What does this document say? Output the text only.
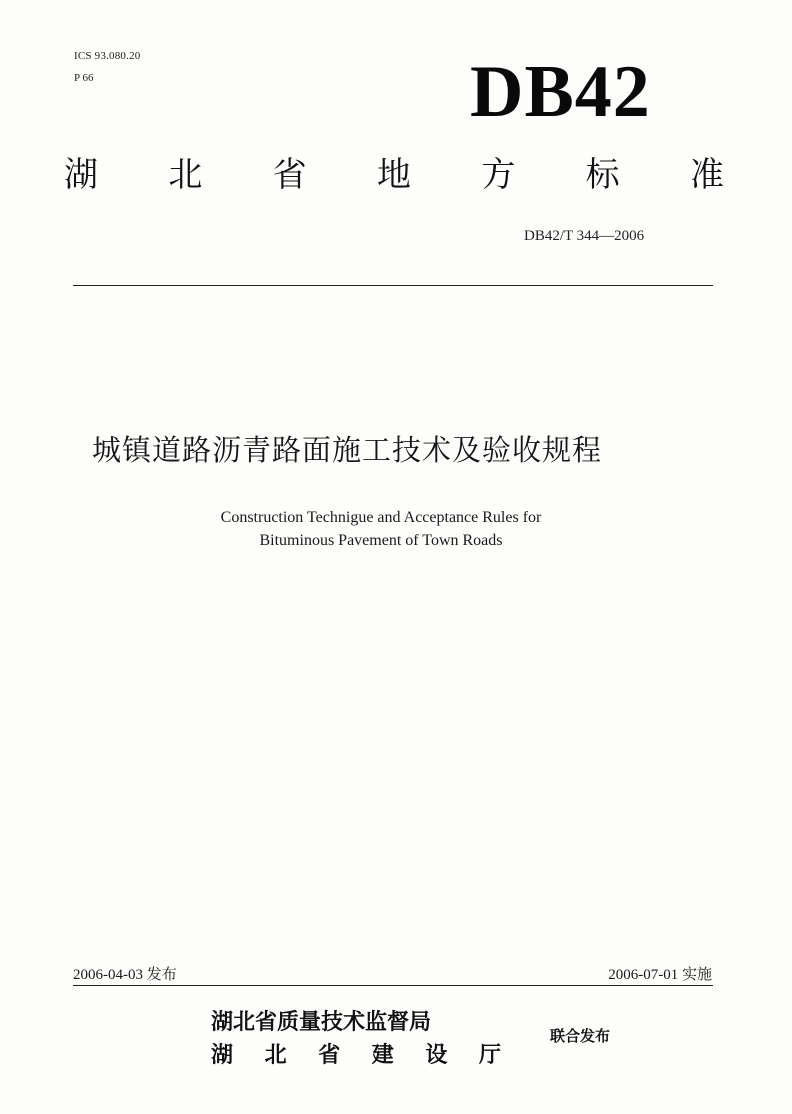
ICS 93.080.20
P 66	DB42
湖 北 省 地 方 标 准
DB42/T 344—2006
城镇道路沥青路面施工技术及验收规程
Construction Technigue and Acceptance Rules for
Bituminous Pavement of Town Roads
2006-04-03 发布	2006-07-01 实施
湖北省质量技术监督局
湖 北 省 建 设 厅
联合发布
